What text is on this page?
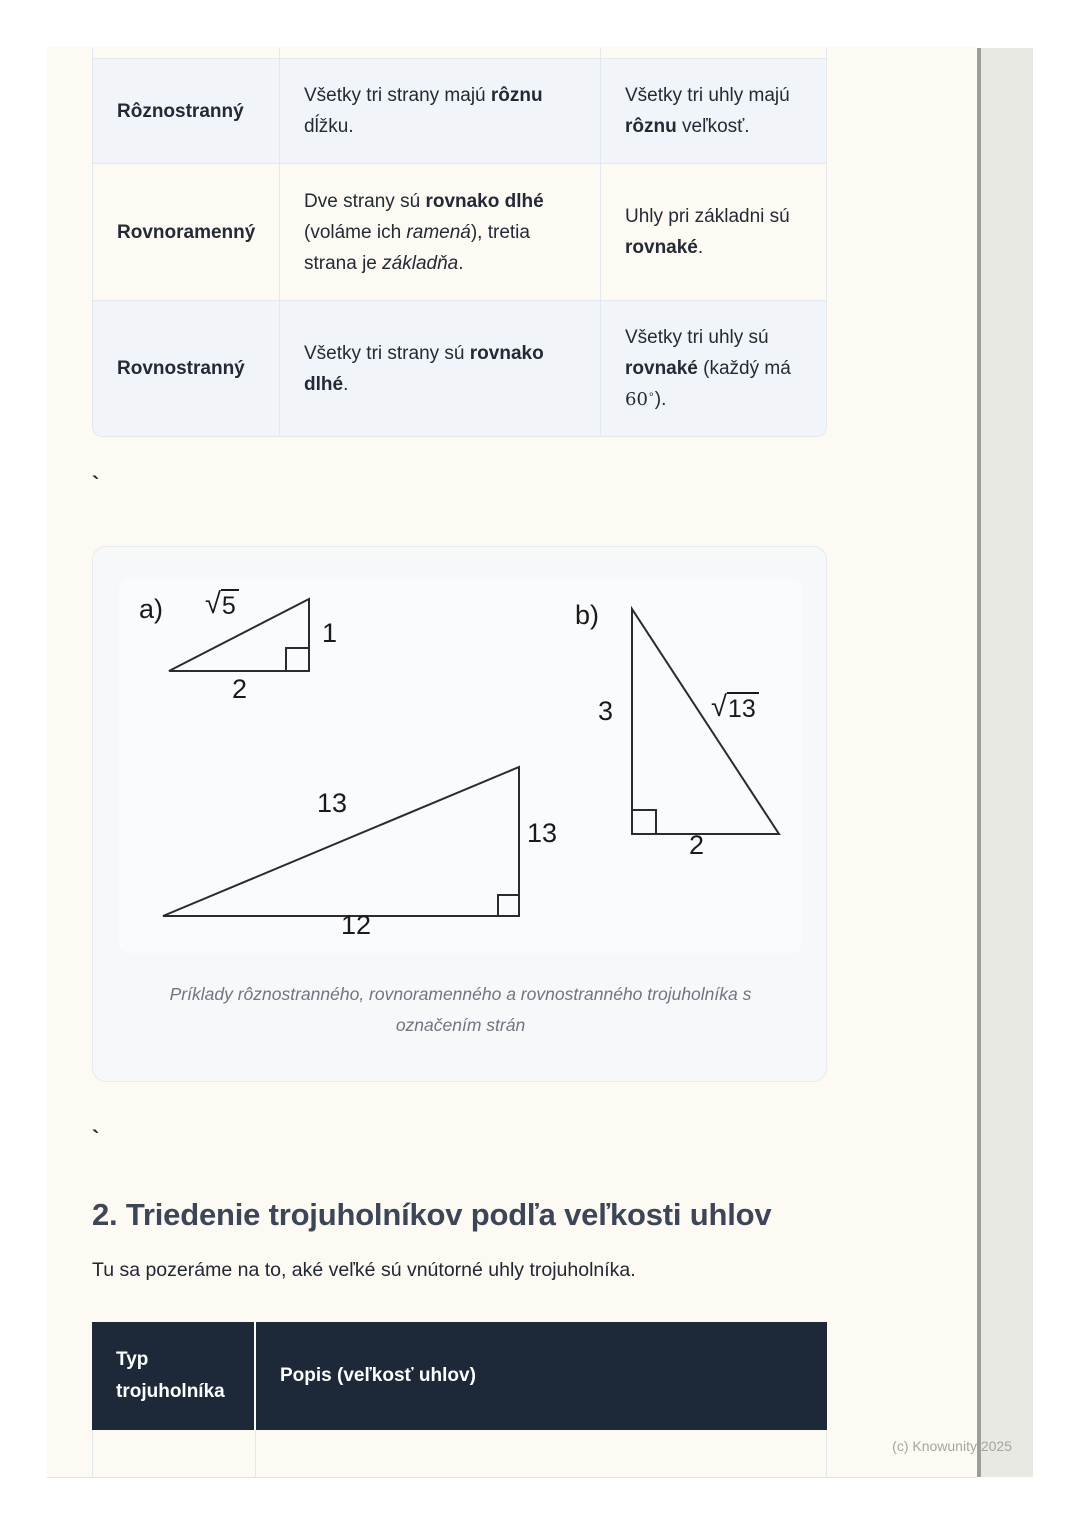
Rôznostranný
Všetky tri strany majú rôznu dĺžku.
Všetky tri uhly majú rôznu veľkosť.
Rovnoramenný
Dve strany sú rovnako dlhé (voláme ich ramená), tretia strana je základňa.
Uhly pri základni sú rovnaké.
Rovnostranný
Všetky tri strany sú rovnako dlhé.
Všetky tri uhly sú rovnaké (každý má 60∘).
`
a) √ 5
1
2
b)
3	√ 13
2
13
13
12
Príklady rôznostranného, rovnoramenného a rovnostranného trojuholníka s označením strán
`
2. Triedenie trojuholníkov podľa veľkosti uhlov
Tu sa pozeráme na to, aké veľké sú vnútorné uhly trojuholníka.
Typ trojuholníka
Popis (veľkosť uhlov)
(c) Knowunity 2025
